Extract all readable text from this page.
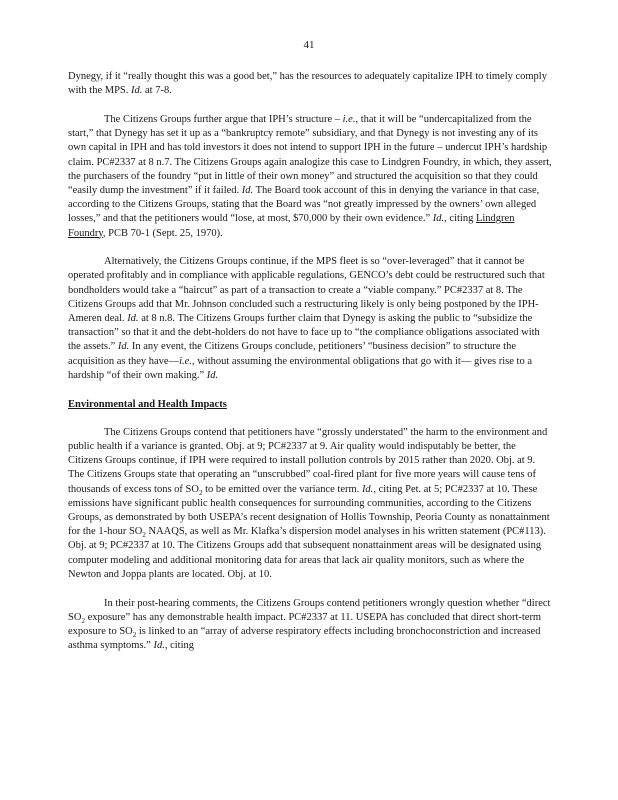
41

Dynegy, if it “really thought this was a good bet,” has the resources to adequately capitalize IPH to timely comply with the MPS. Id. at 7-8.

The Citizens Groups further argue that IPH’s structure – i.e., that it will be “undercapitalized from the start,” that Dynegy has set it up as a “bankruptcy remote” subsidiary, and that Dynegy is not investing any of its own capital in IPH and has told investors it does not intend to support IPH in the future – undercut IPH’s hardship claim. PC#2337 at 8 n.7. The Citizens Groups again analogize this case to Lindgren Foundry, in which, they assert, the purchasers of the foundry “put in little of their own money” and structured the acquisition so that they could “easily dump the investment” if it failed. Id. The Board took account of this in denying the variance in that case, according to the Citizens Groups, stating that the Board was “not greatly impressed by the owners’ own alleged losses,” and that the petitioners would “lose, at most, $70,000 by their own evidence.” Id., citing Lindgren Foundry, PCB 70-1 (Sept. 25, 1970).

Alternatively, the Citizens Groups continue, if the MPS fleet is so “over-leveraged” that it cannot be operated profitably and in compliance with applicable regulations, GENCO’s debt could be restructured such that bondholders would take a “haircut” as part of a transaction to create a “viable company.” PC#2337 at 8. The Citizens Groups add that Mr. Johnson concluded such a restructuring likely is only being postponed by the IPH-Ameren deal. Id. at 8 n.8. The Citizens Groups further claim that Dynegy is asking the public to “subsidize the transaction” so that it and the debt-holders do not have to face up to “the compliance obligations associated with the assets.” Id. In any event, the Citizens Groups conclude, petitioners’ “business decision” to structure the acquisition as they have—i.e., without assuming the environmental obligations that go with it— gives rise to a hardship “of their own making.” Id.

Environmental and Health Impacts

The Citizens Groups contend that petitioners have “grossly understated” the harm to the environment and public health if a variance is granted. Obj. at 9; PC#2337 at 9. Air quality would indisputably be better, the Citizens Groups continue, if IPH were required to install pollution controls by 2015 rather than 2020. Obj. at 9. The Citizens Groups state that operating an “unscrubbed” coal-fired plant for five more years will cause tens of thousands of excess tons of $SO_2$ to be emitted over the variance term. Id., citing Pet. at 5; PC#2337 at 10. These emissions have significant public health consequences for surrounding communities, according to the Citizens Groups, as demonstrated by both USEPA’s recent designation of Hollis Township, Peoria County as nonattainment for the 1-hour $SO_2$ NAAQS, as well as Mr. Klafka’s dispersion model analyses in his written statement (PC#113). Obj. at 9; PC#2337 at 10. The Citizens Groups add that subsequent nonattainment areas will be designated using computer modeling and additional monitoring data for areas that lack air quality monitors, such as where the Newton and Joppa plants are located. Obj. at 10.

In their post-hearing comments, the Citizens Groups contend petitioners wrongly question whether “direct $SO_2$ exposure” has any demonstrable health impact. PC#2337 at 11. USEPA has concluded that direct short-term exposure to $SO_2$ is linked to an “array of adverse respiratory effects including bronchoconstriction and increased asthma symptoms.” Id., citing
